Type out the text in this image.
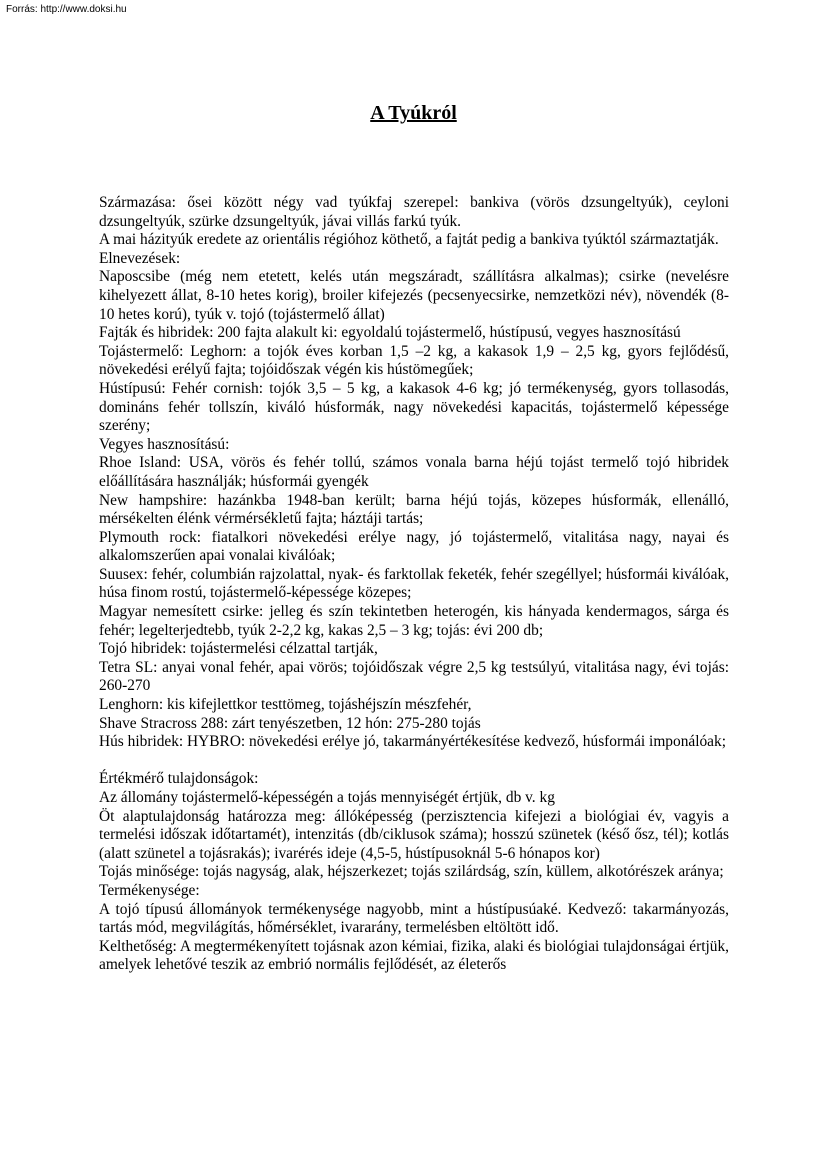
Forrás: http://www.doksi.hu
A Tyúkról

Származása: ősei között négy vad tyúkfaj szerepel: bankiva (vörös dzsungeltyúk), ceyloni dzsungeltyúk, szürke dzsungeltyúk, jávai villás farkú tyúk.

A mai házityúk eredete az orientális régióhoz köthető, a fajtát pedig a bankiva tyúktól származtatják.

Elnevezések:

Naposcsibe (még nem etetett, kelés után megszáradt, szállításra alkalmas); csirke (nevelésre kihelyezett állat, 8-10 hetes korig), broiler kifejezés (pecsenyecsirke, nemzetközi név), növendék (8-10 hetes korú), tyúk v. tojó (tojástermelő állat)

Fajták és hibridek: 200 fajta alakult ki: egyoldalú tojástermelő, hústípusú, vegyes hasznosítású

Tojástermelő: Leghorn: a tojók éves korban 1,5 –2 kg, a kakasok 1,9 – 2,5 kg, gyors fejlődésű, növekedési erélyű fajta; tojóidőszak végén kis hústömegűek;

Hústípusú: Fehér cornish: tojók 3,5 – 5 kg, a kakasok 4-6 kg; jó termékenység, gyors tollasodás, domináns fehér tollszín, kiváló húsformák, nagy növekedési kapacitás, tojástermelő képessége szerény;

Vegyes hasznosítású:

Rhoe Island: USA, vörös és fehér tollú, számos vonala barna héjú tojást termelő tojó hibridek előállítására használják; húsformái gyengék

New hampshire: hazánkba 1948-ban került; barna héjú tojás, közepes húsformák, ellenálló, mérsékelten élénk vérmérsékletű fajta; háztáji tartás;

Plymouth rock: fiatalkori növekedési erélye nagy, jó tojástermelő, vitalitása nagy, nayai és alkalomszerűen apai vonalai kiválóak;

Suusex: fehér, columbián rajzolattal, nyak- és farktollak feketék, fehér szegéllyel; húsformái kiválóak, húsa finom rostú, tojástermelő-képessége közepes;

Magyar nemesített csirke: jelleg és szín tekintetben heterogén, kis hányada kendermagos, sárga és fehér; legelterjedtebb, tyúk 2-2,2 kg, kakas 2,5 – 3 kg; tojás: évi 200 db;

Tojó hibridek: tojástermelési célzattal tartják,

Tetra SL: anyai vonal fehér, apai vörös; tojóidőszak végre 2,5 kg testsúlyú, vitalitása nagy, évi tojás: 260-270

Lenghorn: kis kifejlettkor testtömeg, tojáshéjszín mészfehér,

Shave Stracross 288: zárt tenyészetben, 12 hón: 275-280 tojás

Hús hibridek: HYBRO: növekedési erélye jó, takarmányértékesítése kedvező, húsformái imponálóak;

Értékmérő tulajdonságok:

Az állomány tojástermelő-képességén a tojás mennyiségét értjük, db v. kg

Öt alaptulajdonság határozza meg: állóképesség (perzisztencia kifejezi a biológiai év, vagyis a termelési időszak időtartamét), intenzitás (db/ciklusok száma); hosszú szünetek (késő ősz, tél); kotlás (alatt szünetel a tojásrakás); ivarérés ideje (4,5-5, hústípusoknál 5-6 hónapos kor)

Tojás minősége: tojás nagyság, alak, héjszerkezet; tojás szilárdság, szín, küllem, alkotórészek aránya;

Termékenysége:

A tojó típusú állományok termékenysége nagyobb, mint a hústípusúaké. Kedvező: takarmányozás, tartás mód, megvilágítás, hőmérséklet, ivararány, termelésben eltöltött idő.

Kelthetőség: A megtermékenyített tojásnak azon kémiai, fizika, alaki és biológiai tulajdonságai értjük, amelyek lehetővé teszik az embrió normális fejlődését, az életerős
